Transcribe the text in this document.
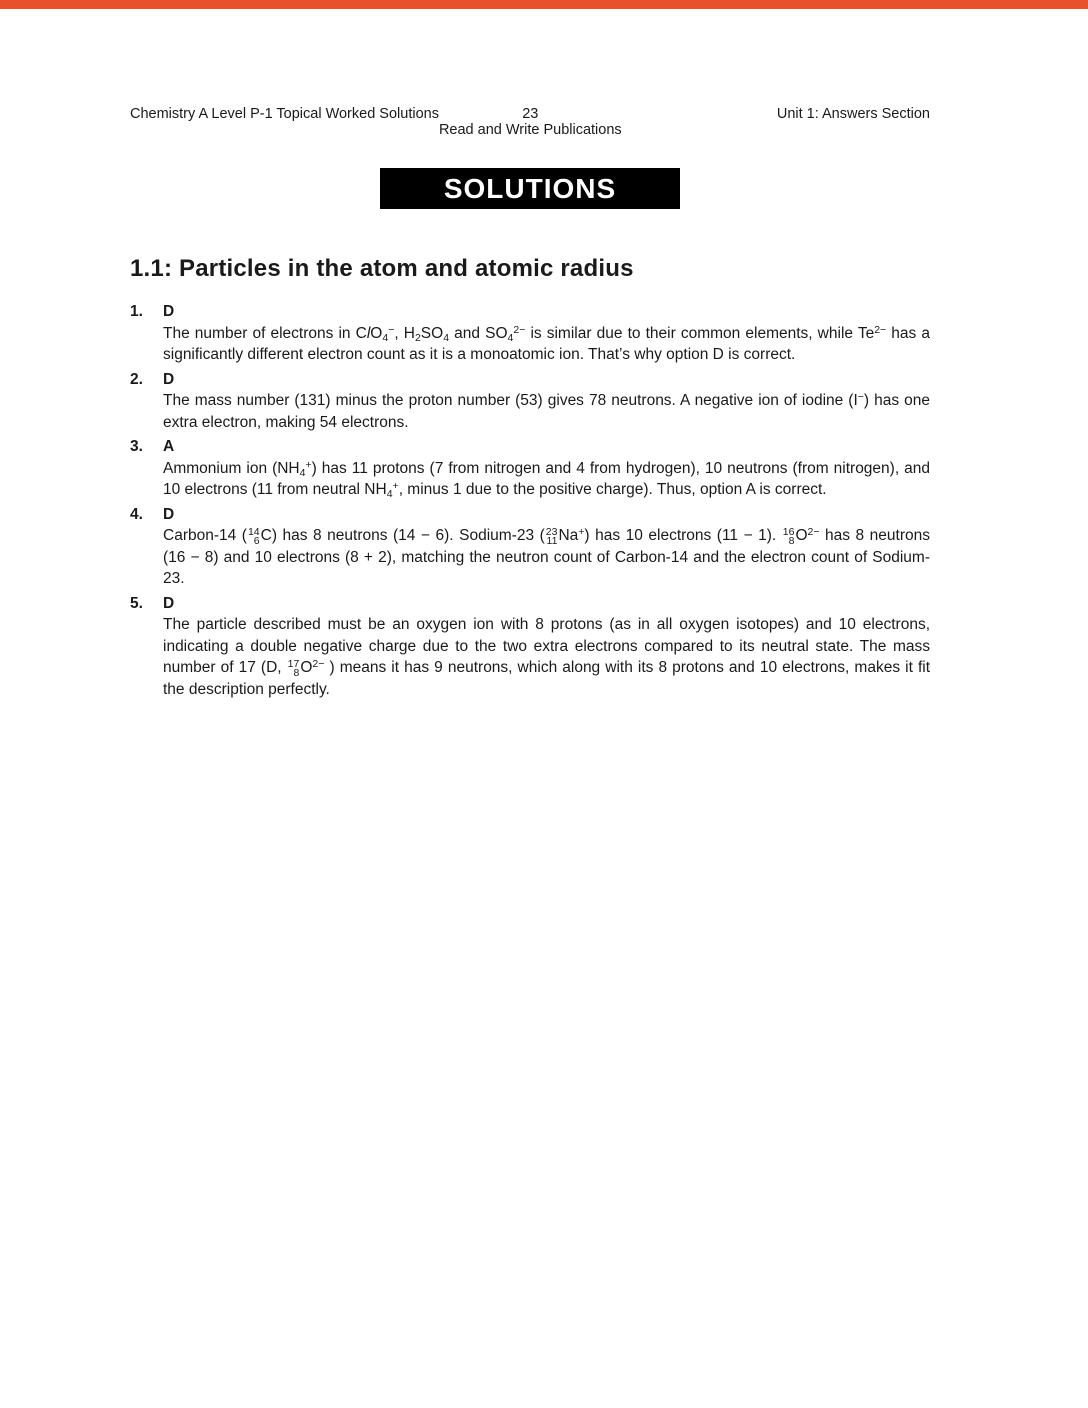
Chemistry A Level P-1 Topical Worked Solutions	23
Read and Write Publications
Unit 1: Answers Section
SOLUTIONS
1.1: Particles in the atom and atomic radius
1.	D
The number of electrons in ClO$_4$−, $H_2SO_4$ and $SO_4^{2-}$ is similar due to their common elements, while $Te^{2-}$ has a significantly different electron count as it is a monoatomic ion. That’s why option D is correct.
2.	D
The mass number (131) minus the proton number (53) gives 78 neutrons. A negative ion of iodine (I−) has one extra electron, making 54 electrons.
3.	A
Ammonium ion $(NH_4^+)$ has 11 protons (7 from nitrogen and 4 from hydrogen), 10 neutrons (from nitrogen), and 10 electrons (11 from neutral $NH_4^+$, minus 1 due to the positive charge). Thus, option A is correct.
4.	D
Carbon-14 ( 14
6 C) has 8 neutrons (14 − 6). Sodium-23 ( 23
11 Na+) has 10 electrons (11 − 1). 16
8 $O^{2-}$ has 8 neutrons (16 − 8) and 10 electrons (8 + 2), matching the neutron count of Carbon-14 and the electron count of Sodium-23.
5.	D
The particle described must be an oxygen ion with 8 protons (as in all oxygen isotopes) and 10 electrons, indicating a double negative charge due to the two extra electrons compared to its neutral state. The mass number of 17 (D, 17
8 $O^{2-}$ ) means it has 9 neutrons, which along with its 8 protons and 10 electrons, makes it fit the description perfectly.
